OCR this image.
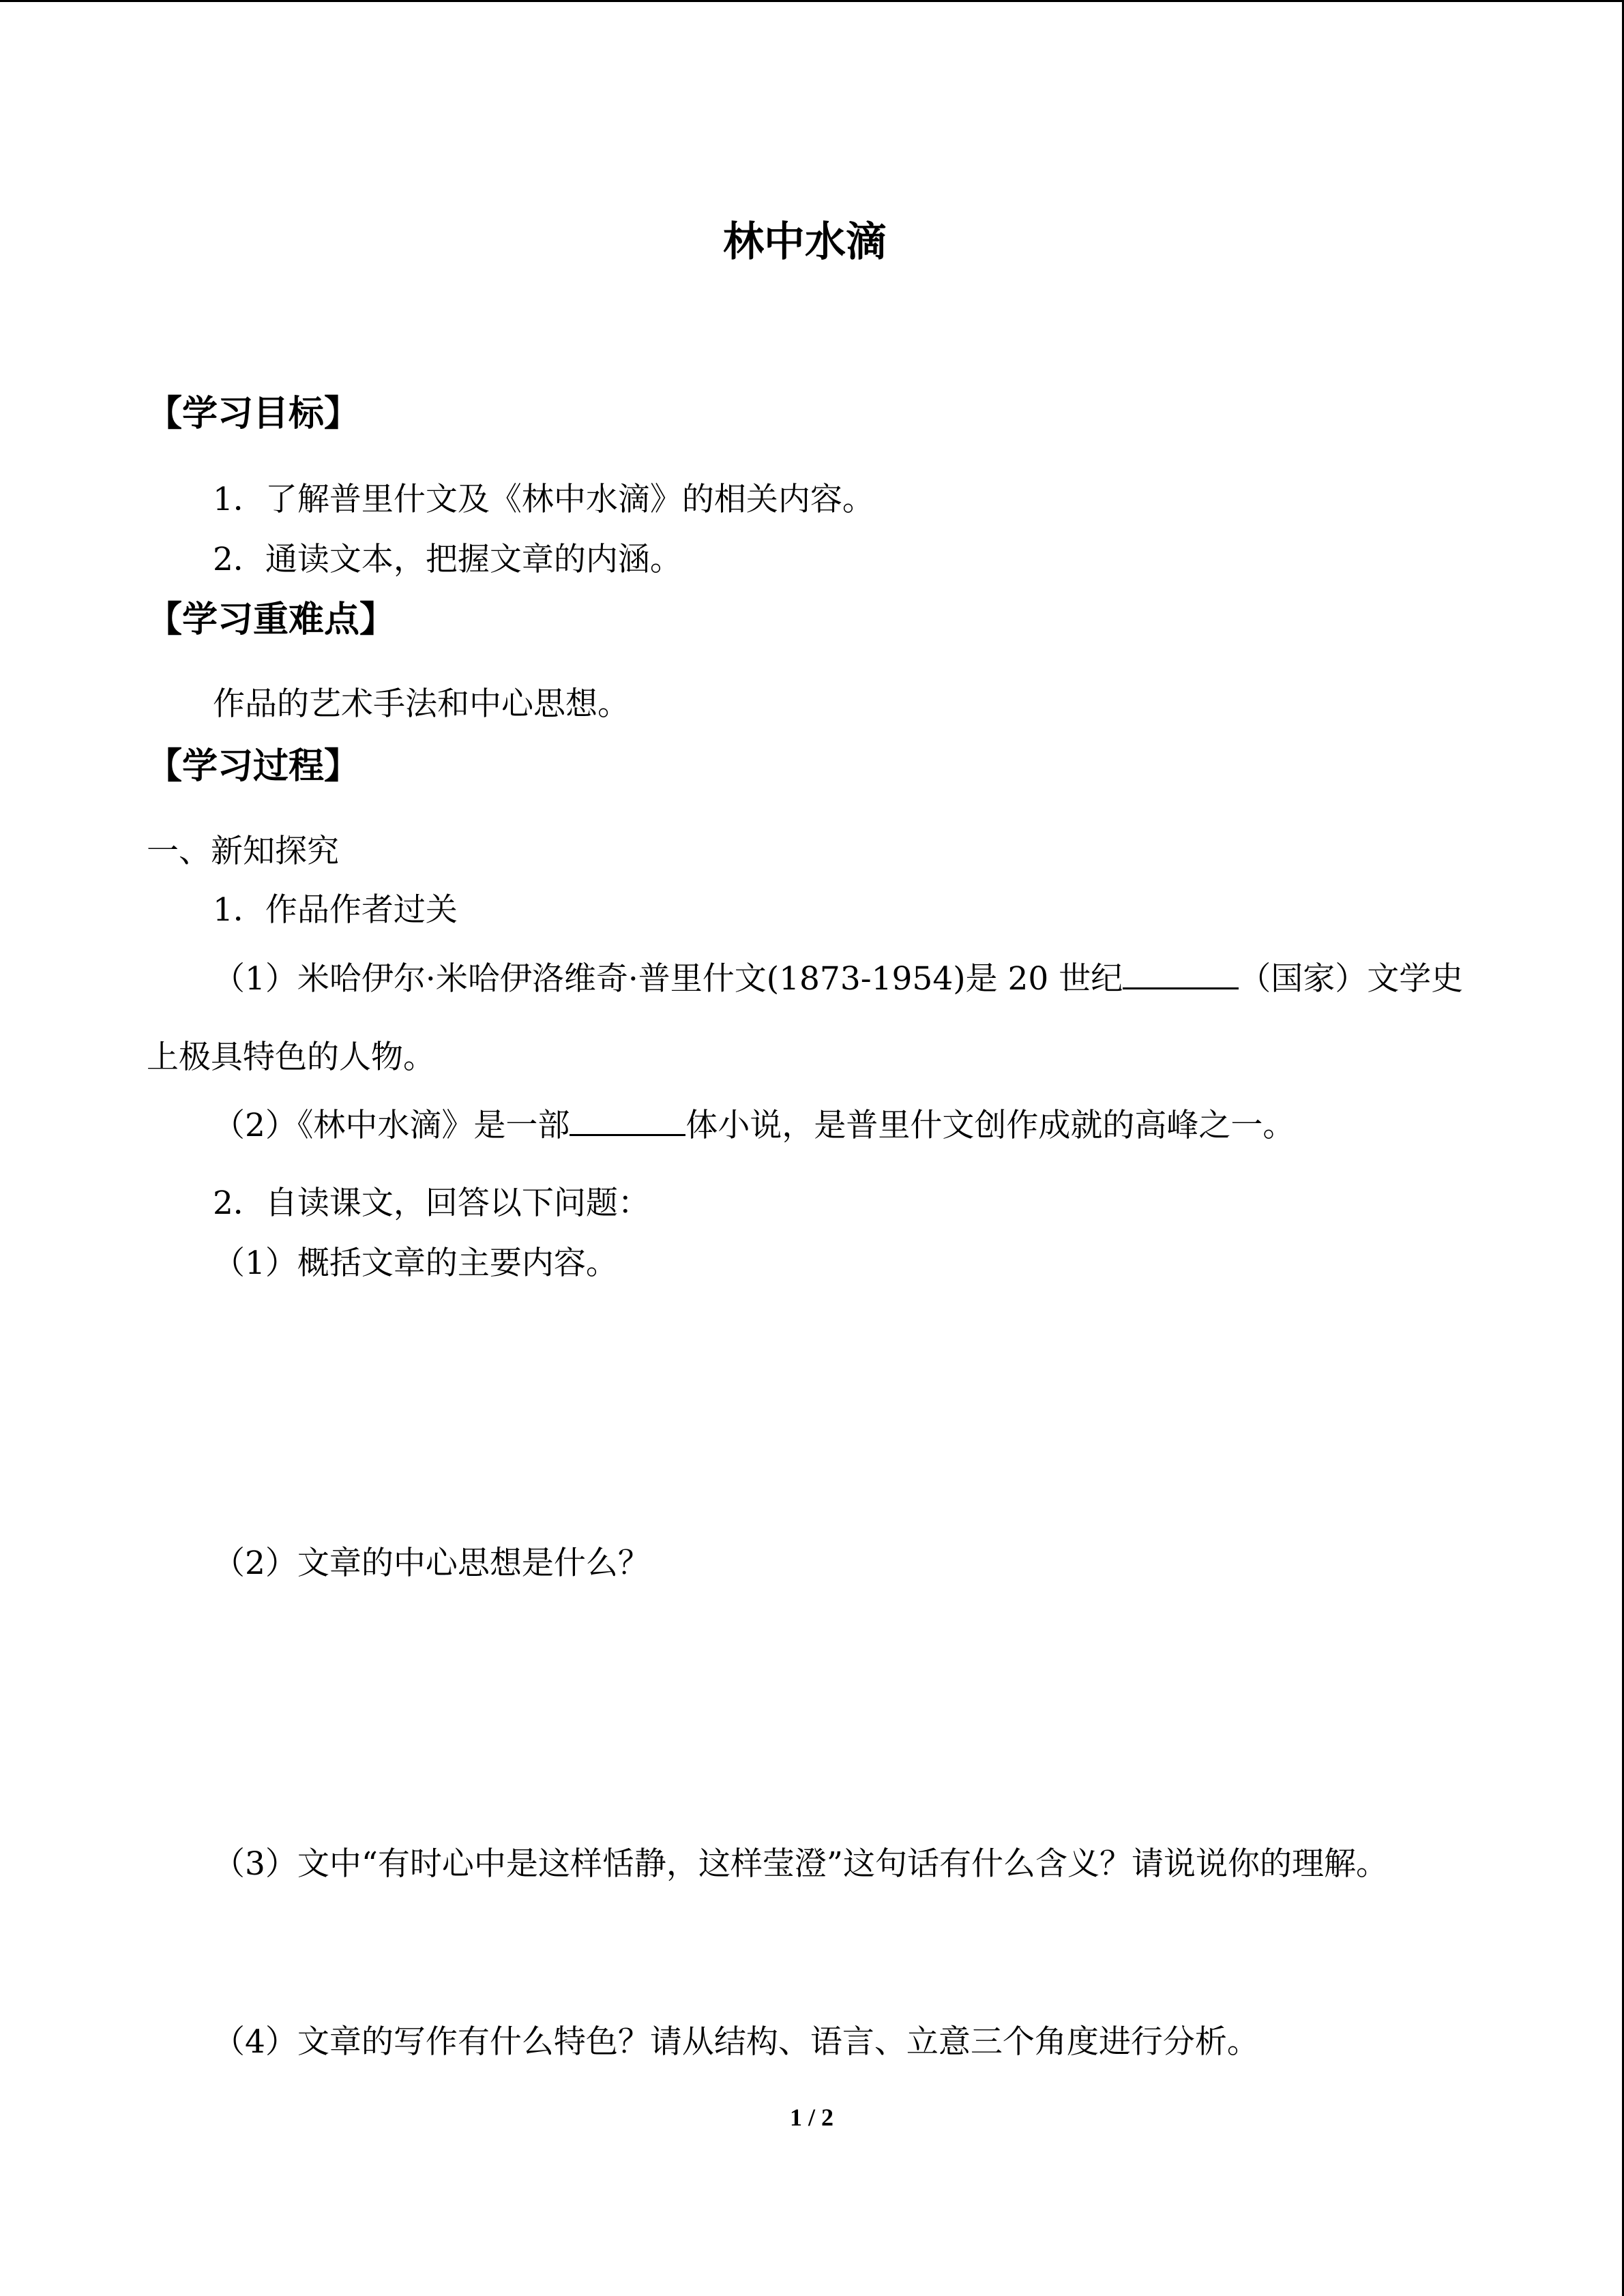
林中水滴
【学习目标】
1．了解普里什文及《林中水滴》的相关内容。
2．通读文本，把握文章的内涵。
【学习重难点】
作品的艺术手法和中心思想。
【学习过程】
一、新知探究
1．作品作者过关
（1）米哈伊尔·米哈伊洛维奇·普里什文(1873-1954)是 20 世纪	（国家）文学史
上极具特色的人物。
（2）《林中水滴》是一部	体小说，是普里什文创作成就的高峰之一。
2．自读课文，回答以下问题：
（1）概括文章的主要内容。
（2）文章的中心思想是什么？
（3）文中“有时心中是这样恬静，这样莹澄”这句话有什么含义？请说说你的理解。
（4）文章的写作有什么特色？请从结构、语言、立意三个角度进行分析。
1 / 2
